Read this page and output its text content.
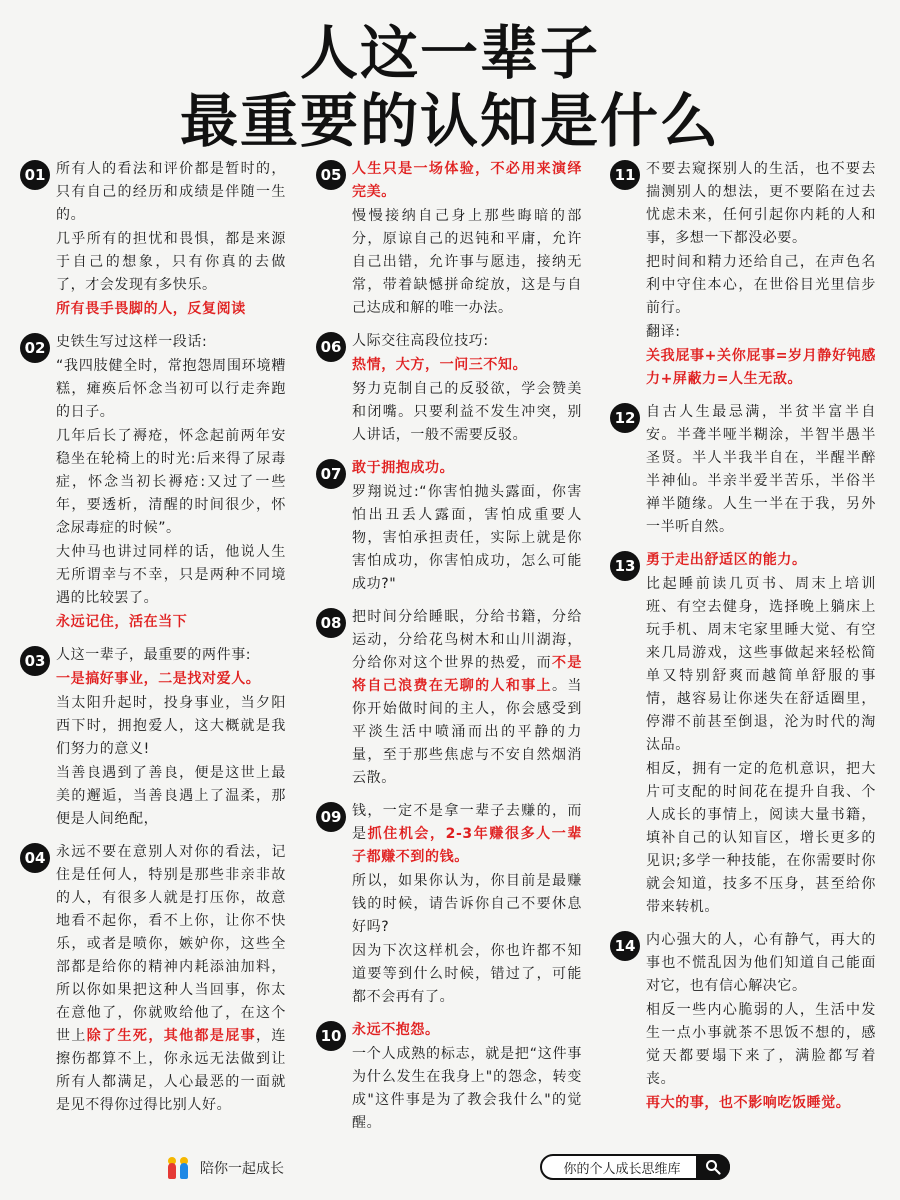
人这一辈子
最重要的认知是什么
01 所有人的看法和评价都是暂时的，只有自己的经历和成绩是伴随一生的。
几乎所有的担忧和畏惧，都是来源于自己的想象，只有你真的去做了，才会发现有多快乐。
所有畏手畏脚的人，反复阅读
02 史铁生写过这样一段话:
“我四肢健全时，常抱怨周围环境糟糕，瘫痪后怀念当初可以行走奔跑的日子。
几年后长了褥疮，怀念起前两年安稳坐在轮椅上的时光:后来得了尿毒症，怀念当初长褥疮:又过了一些年，要透析，清醒的时间很少，怀念尿毒症的时候”。
大仲马也讲过同样的话，他说人生无所谓幸与不幸，只是两种不同境遇的比较罢了。
永远记住，活在当下
03 人这一辈子，最重要的两件事:
一是搞好事业，二是找对爱人。
当太阳升起时，投身事业，当夕阳西下时，拥抱爱人，这大概就是我们努力的意义!
当善良遇到了善良，便是这世上最美的邂逅，当善良遇上了温柔，那便是人间绝配，
04 永远不要在意别人对你的看法，记住是任何人，特别是那些非亲非故的人，有很多人就是打压你，故意地看不起你，看不上你，让你不快乐，或者是喷你，嫉妒你，这些全部都是给你的精神内耗添油加料，所以你如果把这种人当回事，你太在意他了，你就败给他了，在这个世上除了生死，其他都是屁事，连擦伤都算不上，你永远无法做到让所有人都满足，人心最恶的一面就是见不得你过得比别人好。
05 人生只是一场体验，不必用来演绎完美。
慢慢接纳自己身上那些晦暗的部分，原谅自己的迟钝和平庸，允许自己出错，允许事与愿违，接纳无常，带着缺憾拼命绽放，这是与自己达成和解的唯一办法。
06 人际交往高段位技巧:
热情，大方，一问三不知。
努力克制自己的反驳欲，学会赞美和闭嘴。只要利益不发生冲突，别人讲话，一般不需要反驳。
07 敢于拥抱成功。
罗翔说过:“你害怕抛头露面，你害怕出丑丢人露面，害怕成重要人物，害怕承担责任，实际上就是你害怕成功，你害怕成功，怎么可能成功?"
08 把时间分给睡眠，分给书籍，分给运动，分给花鸟树木和山川湖海，分给你对这个世界的热爱，而不是将自己浪费在无聊的人和事上。当你开始做时间的主人，你会感受到平淡生活中喷涌而出的平静的力量，至于那些焦虑与不安自然烟消云散。
09 钱，一定不是拿一辈子去赚的，而是抓住机会，2-3年赚很多人一辈子都赚不到的钱。
所以，如果你认为，你目前是最赚钱的时候，请告诉你自己不要休息好吗?
因为下次这样机会，你也许都不知道要等到什么时候，错过了，可能都不会再有了。
10 永远不抱怨。
一个人成熟的标志，就是把“这件事为什么发生在我身上"的怨念，转变成"这件事是为了教会我什么"的觉醒。
11 不要去窥探别人的生活，也不要去揣测别人的想法，更不要陷在过去忧虑未来，任何引起你内耗的人和事，多想一下都没必要。
把时间和精力还给自己，在声色名利中守住本心，在世俗目光里信步前行。
翻译:
关我屁事+关你屁事=岁月静好钝感力+屏蔽力=人生无敌。
12 自古人生最忌满，半贫半富半自安。半聋半哑半糊涂，半智半愚半圣贤。半人半我半自在，半醒半醉半神仙。半亲半爱半苦乐，半俗半禅半随缘。人生一半在于我，另外一半听自然。
13 勇于走出舒适区的能力。
比起睡前读几页书、周末上培训班、有空去健身，选择晚上躺床上玩手机、周末宅家里睡大觉、有空来几局游戏，这些事做起来轻松简单又特别舒爽而越简单舒服的事情，越容易让你迷失在舒适圈里，停滞不前甚至倒退，沦为时代的淘汰品。
相反，拥有一定的危机意识，把大片可支配的时间花在提升自我、个人成长的事情上，阅读大量书籍，填补自己的认知盲区，增长更多的见识;多学一种技能，在你需要时你就会知道，技多不压身，甚至给你带来转机。
14 内心强大的人，心有静气，再大的事也不慌乱因为他们知道自己能面对它，也有信心解决它。
相反一些内心脆弱的人，生活中发生一点小事就茶不思饭不想的，感觉天都要塌下来了，满脸都写着丧。
再大的事，也不影响吃饭睡觉。
陪你一起成长	你的个人成长思维库
